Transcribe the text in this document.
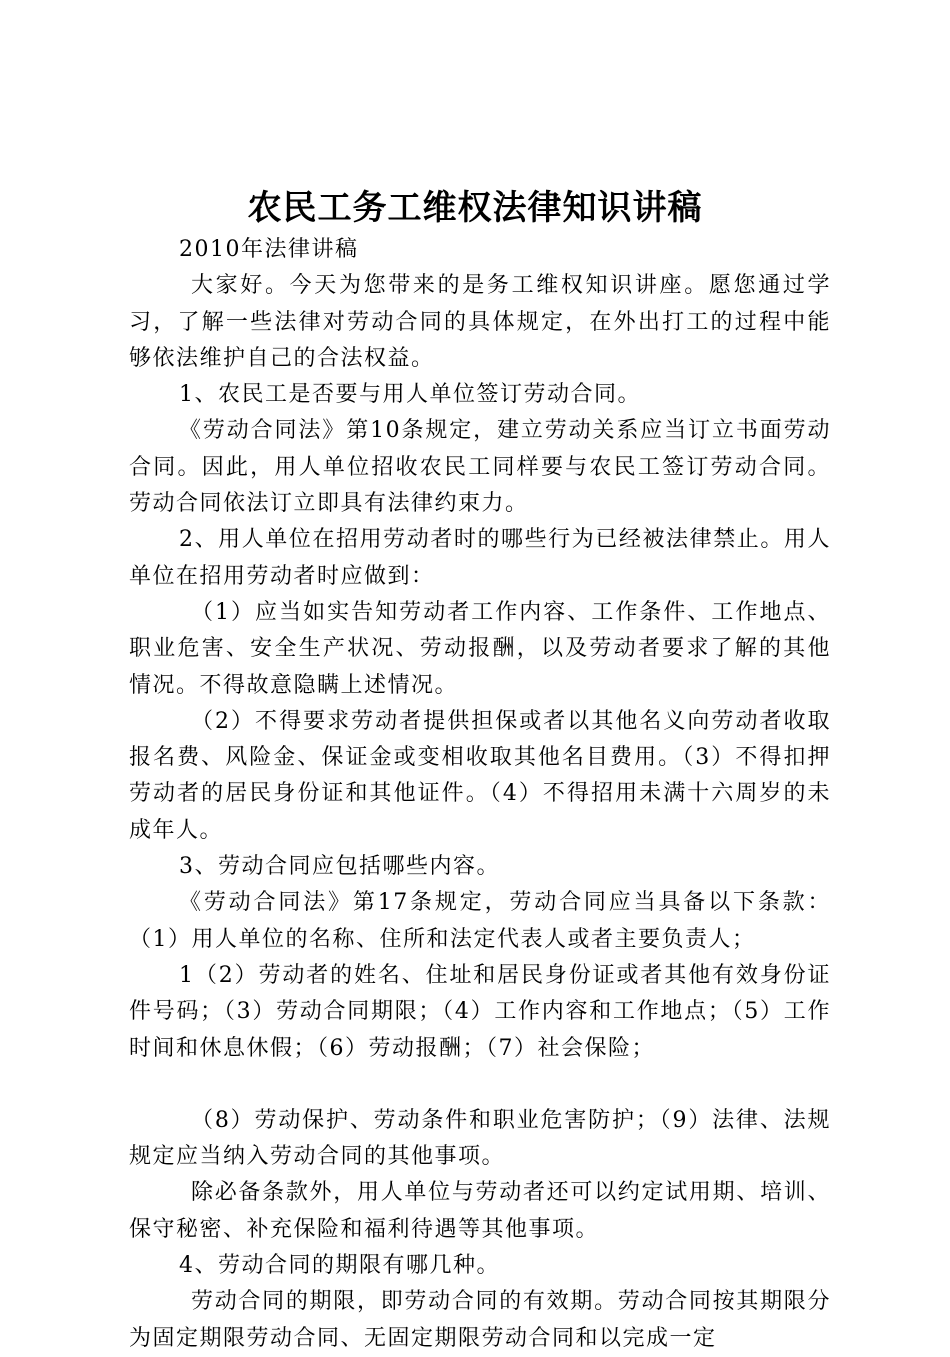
农民工务工维权法律知识讲稿

2010年法律讲稿

大家好。今天为您带来的是务工维权知识讲座。愿您通过学习，了解一些法律对劳动合同的具体规定，在外出打工的过程中能够依法维护自己的合法权益。

1、农民工是否要与用人单位签订劳动合同。

《劳动合同法》第10条规定，建立劳动关系应当订立书面劳动合同。因此，用人单位招收农民工同样要与农民工签订劳动合同。劳动合同依法订立即具有法律约束力。

2、用人单位在招用劳动者时的哪些行为已经被法律禁止。用人单位在招用劳动者时应做到：

（1）应当如实告知劳动者工作内容、工作条件、工作地点、职业危害、安全生产状况、劳动报酬，以及劳动者要求了解的其他情况。不得故意隐瞒上述情况。

（2）不得要求劳动者提供担保或者以其他名义向劳动者收取报名费、风险金、保证金或变相收取其他名目费用。（3）不得扣押劳动者的居民身份证和其他证件。（4）不得招用未满十六周岁的未成年人。

3、劳动合同应包括哪些内容。

《劳动合同法》第17条规定，劳动合同应当具备以下条款：（1）用人单位的名称、住所和法定代表人或者主要负责人；

1（2）劳动者的姓名、住址和居民身份证或者其他有效身份证件号码；（3）劳动合同期限；（4）工作内容和工作地点；（5）工作时间和休息休假；（6）劳动报酬；（7）社会保险；

（8）劳动保护、劳动条件和职业危害防护；（9）法律、法规规定应当纳入劳动合同的其他事项。

除必备条款外，用人单位与劳动者还可以约定试用期、培训、保守秘密、补充保险和福利待遇等其他事项。

4、劳动合同的期限有哪几种。

劳动合同的期限，即劳动合同的有效期。劳动合同按其期限分为固定期限劳动合同、无固定期限劳动合同和以完成一定
